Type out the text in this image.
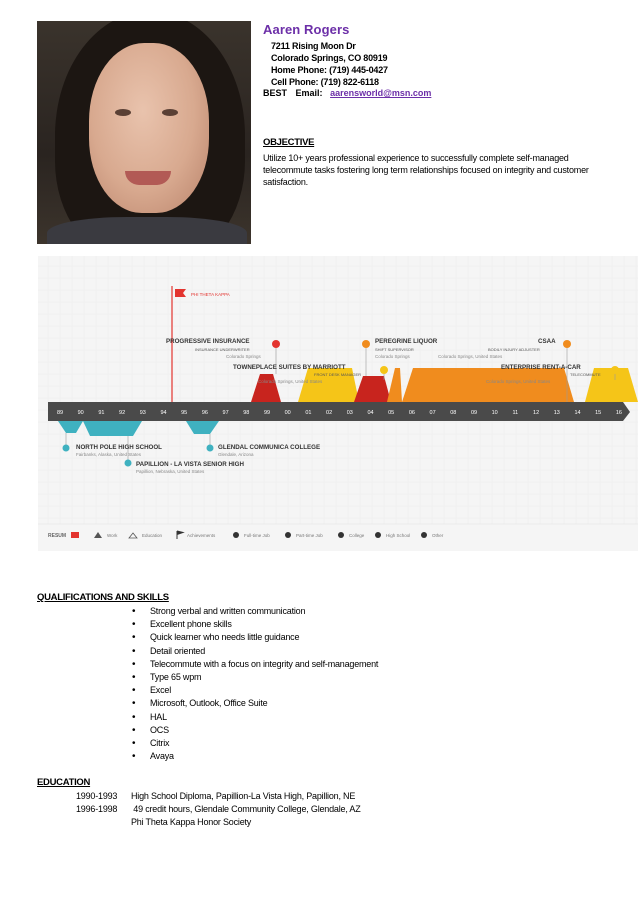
Aaren Rogers
7211 Rising Moon Dr
Colorado Springs, CO 80919
Home Phone: (719) 445-0427
Cell Phone: (719) 822-6118
BEST Email: aarensworld@msn.com
OBJECTIVE
Utilize 10+ years professional experience to successfully complete self-managed telecommute tasks fostering long term relationships focused on integrity and customer satisfaction.
PHI THETA KAPPA
PROGRESSIVE INSURANCE
INSURANCE UNDERWRITER
Colorado Springs
TOWNEPLACE SUITES BY MARRIOTT
FRONT DESK MANAGER
Colorado Springs, United States
PEREGRINE LIQUOR
SHIFT SUPERVISOR
Colorado Springs
CSAA
BODILY INJURY ADJUSTER
Colorado Springs, United States
ENTERPRISE RENT-A-CAR
TELECOMMUTE
Colorado Springs, United States
89	90	91	92	93	94	95	96	97	98	99	00	01	02	03	04	05	06	07	08	09	10	11	12	13	14	15	16
NORTH POLE HIGH SCHOOL
Fairbanks, Alaska, United States
PAPILLION - LA VISTA SENIOR HIGH
Papillion, Nebraska, United States
GLENDAL COMMUNICA COLLEGE
Glendale, Arizona
RESUM	Work	Education	Achievements	Full-time Job	Part-time Job	College	High School	Other
QUALIFICATIONS AND SKILLS
• Strong verbal and written communication
• Excellent phone skills
• Quick learner who needs little guidance
• Detail oriented
• Telecommute with a focus on integrity and self-management
• Type 65 wpm
• Excel
• Microsoft, Outlook, Office Suite
• HAL
• OCS
• Citrix
• Avaya
EDUCATION
1990-1993 High School Diploma, Papillion-La Vista High, Papillion, NE
1996-1998 49 credit hours, Glendale Community College, Glendale, AZ
Phi Theta Kappa Honor Society
